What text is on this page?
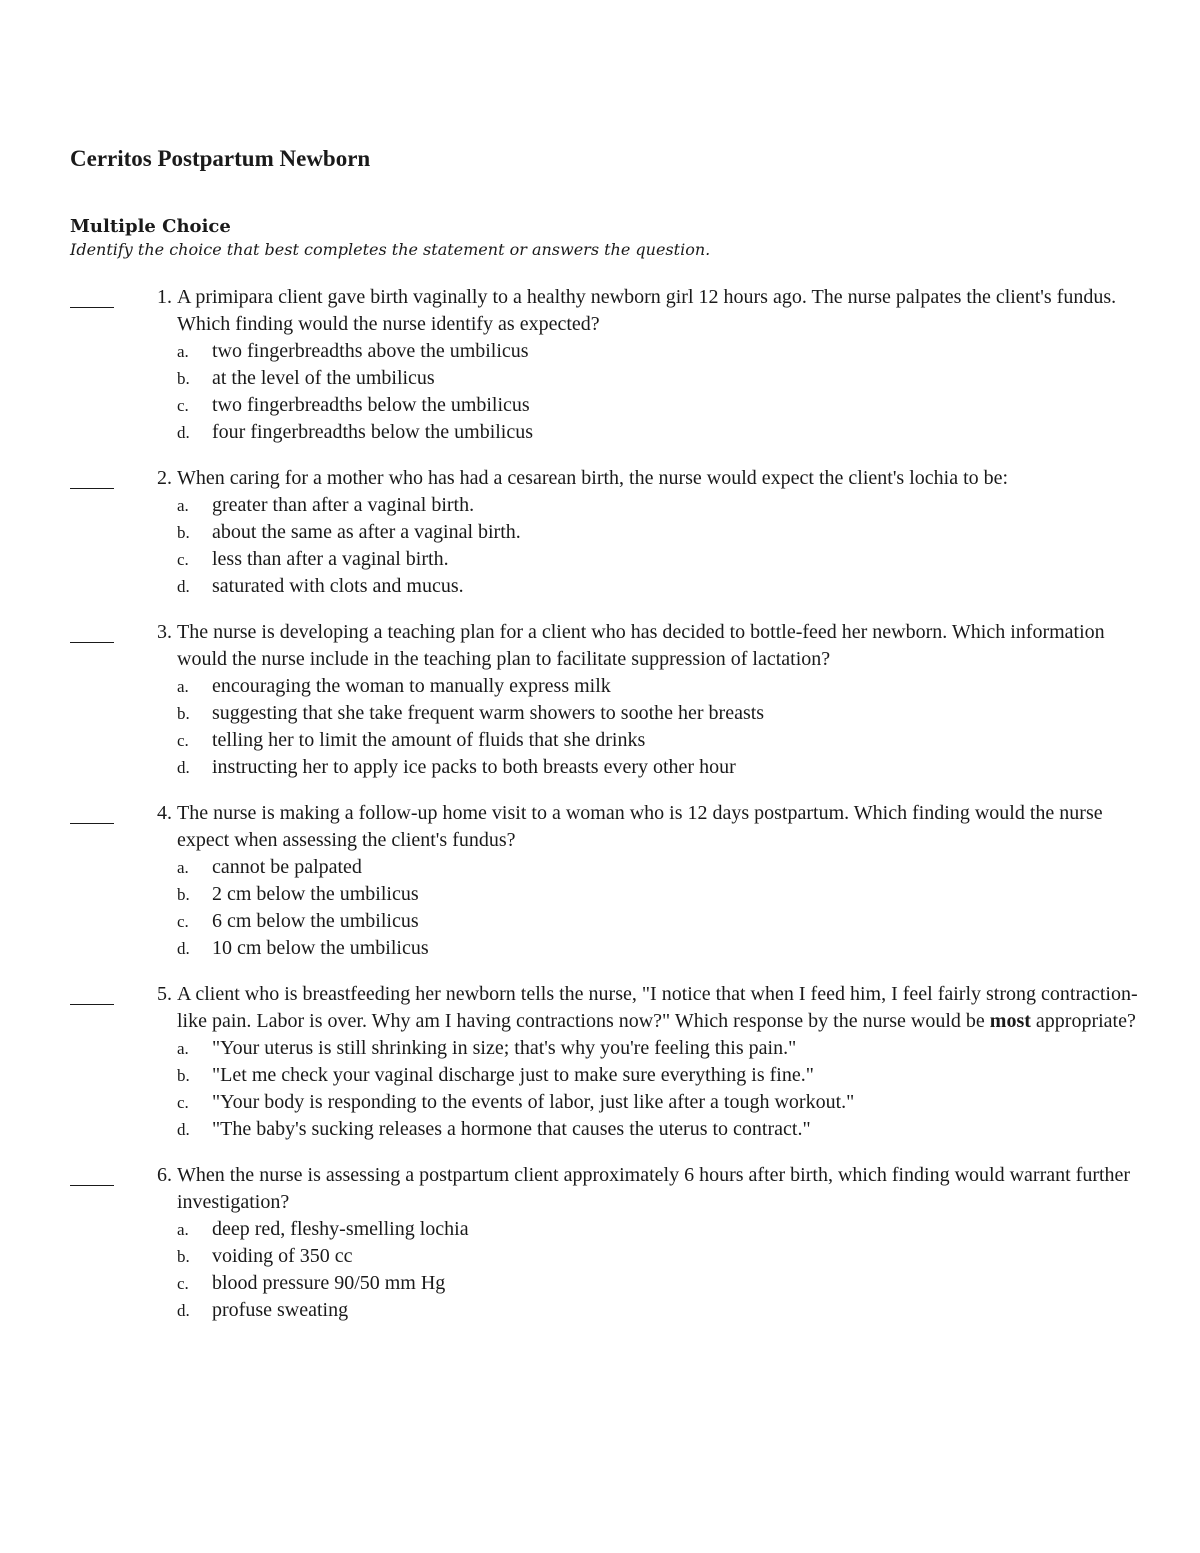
Cerritos Postpartum Newborn
Multiple Choice
Identify the choice that best completes the statement or answers the question.
1. A primipara client gave birth vaginally to a healthy newborn girl 12 hours ago. The nurse palpates the client's fundus. Which finding would the nurse identify as expected?
a.	two fingerbreadths above the umbilicus
b.	at the level of the umbilicus
c.	two fingerbreadths below the umbilicus
d.	four fingerbreadths below the umbilicus
2. When caring for a mother who has had a cesarean birth, the nurse would expect the client's lochia to be:
a.	greater than after a vaginal birth.
b.	about the same as after a vaginal birth.
c.	less than after a vaginal birth.
d.	saturated with clots and mucus.
3. The nurse is developing a teaching plan for a client who has decided to bottle-feed her newborn. Which information would the nurse include in the teaching plan to facilitate suppression of lactation?
a.	encouraging the woman to manually express milk
b.	suggesting that she take frequent warm showers to soothe her breasts
c.	telling her to limit the amount of fluids that she drinks
d.	instructing her to apply ice packs to both breasts every other hour
4. The nurse is making a follow-up home visit to a woman who is 12 days postpartum. Which finding would the nurse expect when assessing the client's fundus?
a.	cannot be palpated
b.	2 cm below the umbilicus
c.	6 cm below the umbilicus
d.	10 cm below the umbilicus
5. A client who is breastfeeding her newborn tells the nurse, "I notice that when I feed him, I feel fairly strong contraction-like pain. Labor is over. Why am I having contractions now?" Which response by the nurse would be most appropriate?
a.	"Your uterus is still shrinking in size; that's why you're feeling this pain."
b.	"Let me check your vaginal discharge just to make sure everything is fine."
c.	"Your body is responding to the events of labor, just like after a tough workout."
d.	"The baby's sucking releases a hormone that causes the uterus to contract."
6. When the nurse is assessing a postpartum client approximately 6 hours after birth, which finding would warrant further investigation?
a.	deep red, fleshy-smelling lochia
b.	voiding of 350 cc
c.	blood pressure 90/50 mm Hg
d.	profuse sweating
